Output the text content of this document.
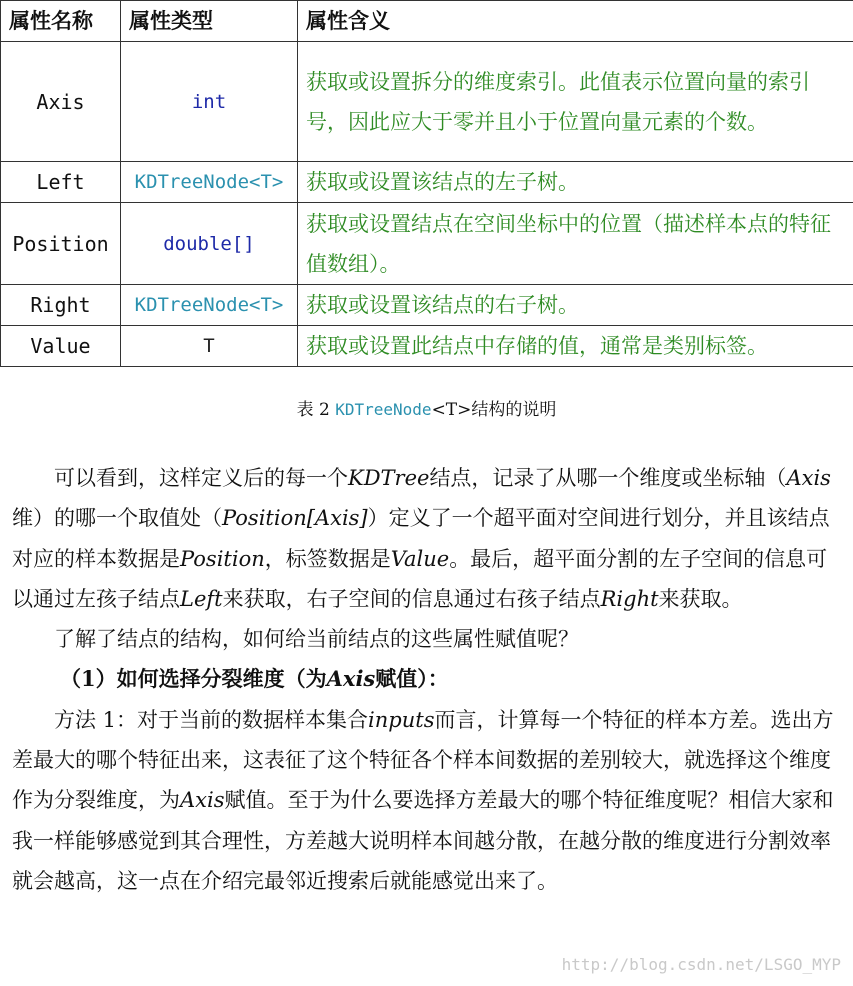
属性名称	属性类型	属性含义
Axis	int	获取或设置拆分的维度索引。此值表示位置向量的索引号，因此应大于零并且小于位置向量元素的个数。
Left	KDTreeNode<T>	获取或设置该结点的左子树。
Position	double[]	获取或设置结点在空间坐标中的位置（描述样本点的特征值数组）。
Right	KDTreeNode<T>	获取或设置该结点的右子树。
Value	T	获取或设置此结点中存储的值，通常是类别标签。
表 2 KDTreeNode<T>结构的说明

可以看到，这样定义后的每一个KDTree结点，记录了从哪一个维度或坐标轴（Axis维）的哪一个取值处（Position[Axis]）定义了一个超平面对空间进行划分，并且该结点对应的样本数据是Position，标签数据是Value。最后，超平面分割的左子空间的信息可以通过左孩子结点Left来获取，右子空间的信息通过右孩子结点Right来获取。

了解了结点的结构，如何给当前结点的这些属性赋值呢？

（1）如何选择分裂维度（为Axis赋值）：

方法 1：对于当前的数据样本集合inputs而言，计算每一个特征的样本方差。选出方差最大的哪个特征出来，这表征了这个特征各个样本间数据的差别较大，就选择这个维度作为分裂维度，为Axis赋值。至于为什么要选择方差最大的哪个特征维度呢？相信大家和我一样能够感觉到其合理性，方差越大说明样本间越分散，在越分散的维度进行分割效率就会越高，这一点在介绍完最邻近搜索后就能感觉出来了。

http://blog.csdn.net/LSGO_MYP
